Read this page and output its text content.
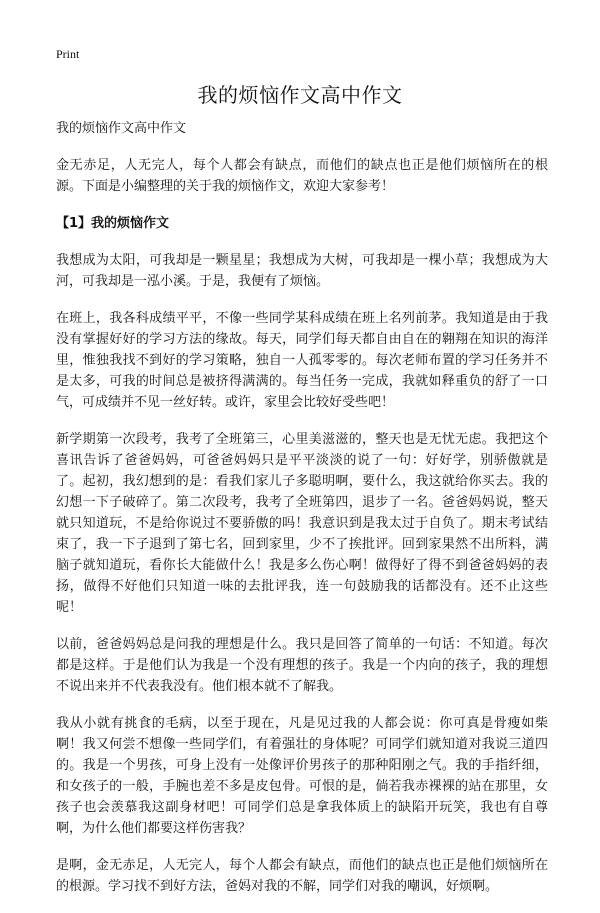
Print
我的烦恼作文高中作文

我的烦恼作文高中作文

金无赤足，人无完人，每个人都会有缺点，而他们的缺点也正是他们烦恼所在的根源。下面是小编整理的关于我的烦恼作文，欢迎大家参考！

【1】我的烦恼作文

我想成为太阳，可我却是一颗星星；我想成为大树，可我却是一棵小草；我想成为大河，可我却是一泓小溪。于是，我便有了烦恼。

在班上，我各科成绩平平，不像一些同学某科成绩在班上名列前茅。我知道是由于我没有掌握好好的学习方法的缘故。每天，同学们每天都自由自在的翱翔在知识的海洋里，惟独我找不到好的学习策略，独自一人孤零零的。每次老师布置的学习任务并不是太多，可我的时间总是被挤得满满的。每当任务一完成，我就如释重负的舒了一口气，可成绩并不见一丝好转。或许，家里会比较好受些吧！

新学期第一次段考，我考了全班第三，心里美滋滋的，整天也是无忧无虑。我把这个喜讯告诉了爸爸妈妈，可爸爸妈妈只是平平淡淡的说了一句：好好学，别骄傲就是了。起初，我幻想到的是：看我们家儿子多聪明啊，要什么，我这就给你买去。我的幻想一下子破碎了。第二次段考，我考了全班第四，退步了一名。爸爸妈妈说，整天就只知道玩，不是给你说过不要骄傲的吗！我意识到是我太过于自负了。期末考试结束了，我一下子退到了第七名，回到家里，少不了挨批评。回到家果然不出所料，满脑子就知道玩，看你长大能做什么！我是多么伤心啊！做得好了得不到爸爸妈妈的表扬，做得不好他们只知道一味的去批评我，连一句鼓励我的话都没有。还不止这些呢！

以前，爸爸妈妈总是问我的理想是什么。我只是回答了简单的一句话：不知道。每次都是这样。于是他们认为我是一个没有理想的孩子。我是一个内向的孩子，我的理想不说出来并不代表我没有。他们根本就不了解我。

我从小就有挑食的毛病，以至于现在，凡是见过我的人都会说：你可真是骨瘦如柴啊！我又何尝不想像一些同学们，有着强壮的身体呢？可同学们就知道对我说三道四的。我是一个男孩，可身上没有一处像评价男孩子的那种阳刚之气。我的手指纤细，和女孩子的一般，手腕也差不多是皮包骨。可恨的是，倘若我赤裸裸的站在那里，女孩子也会羡慕我这副身材吧！可同学们总是拿我体质上的缺陷开玩笑，我也有自尊啊，为什么他们都要这样伤害我？

是啊，金无赤足，人无完人，每个人都会有缺点，而他们的缺点也正是他们烦恼所在的根源。学习找不到好方法，爸妈对我的不解，同学们对我的嘲讽，好烦啊。
